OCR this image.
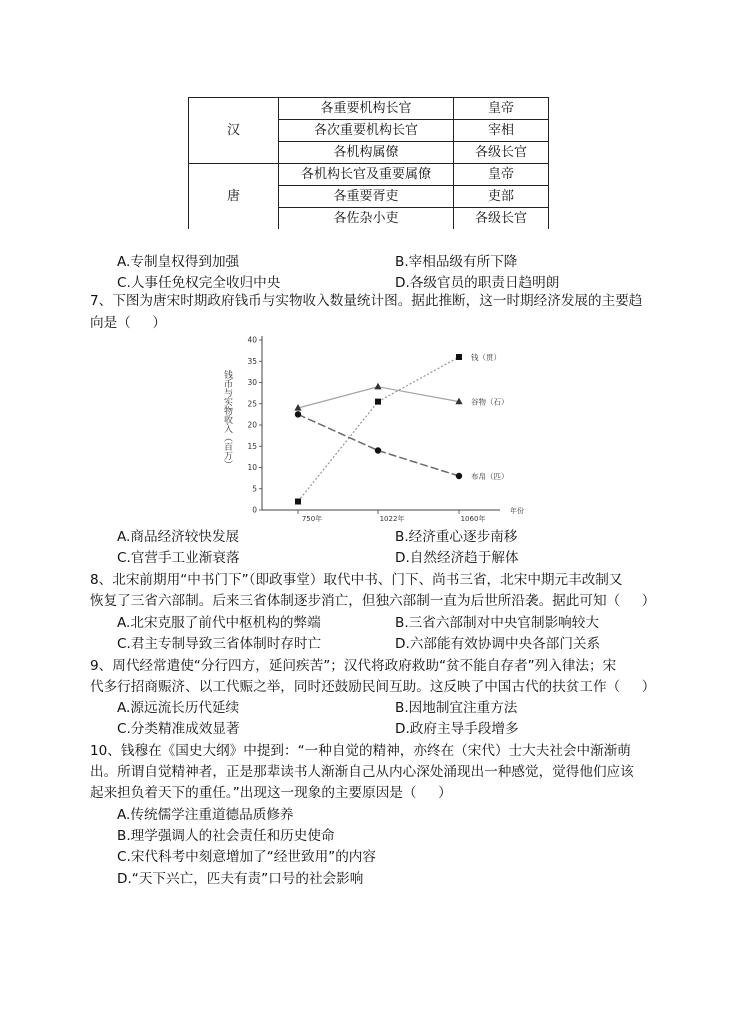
汉	各重要机构长官	皇帝
	各次重要机构长官	宰相
	各机构属僚	各级长官
唐	各机构长官及重要属僚	皇帝
	各重要胥吏	吏部
	各佐杂小吏	各级长官
A.专制皇权得到加强	B.宰相品级有所下降
C.人事任免权完全收归中央	D.各级官员的职责日趋明朗
7、下图为唐宋时期政府钱币与实物收入数量统计图。据此推断，这一时期经济发展的主要趋
向是（     ）
钱币与实物收入（百万）
0
5
10
15
20
25
30
35
40
750年	1022年	1060年
年份
钱（贯）
谷物（石）
布帛（匹）
A.商品经济较快发展	B.经济重心逐步南移
C.官营手工业渐衰落	D.自然经济趋于解体
8、北宋前期用“中书门下”（即政事堂）取代中书、门下、尚书三省，北宋中期元丰改制又
恢复了三省六部制。后来三省体制逐步消亡，但独六部制一直为后世所沿袭。据此可知（     ）
A.北宋克服了前代中枢机构的弊端	B.三省六部制对中央官制影响较大
C.君主专制导致三省体制时存时亡	D.六部能有效协调中央各部门关系
9、周代经常遣使“分行四方，延问疾苦”；汉代将政府救助“贫不能自存者”列入律法；宋
代多行招商赈济、以工代赈之举，同时还鼓励民间互助。这反映了中国古代的扶贫工作（     ）
A.源远流长历代延续	B.因地制宜注重方法
C.分类精准成效显著	D.政府主导手段增多
10、钱穆在《国史大纲》中提到：“一种自觉的精神，亦终在（宋代）士大夫社会中渐渐萌
出。所谓自觉精神者，正是那辈读书人渐渐自己从内心深处涌现出一种感觉，觉得他们应该
起来担负着天下的重任。”出现这一现象的主要原因是（     ）
A.传统儒学注重道德品质修养
B.理学强调人的社会责任和历史使命
C.宋代科考中刻意增加了“经世致用”的内容
D.“天下兴亡，匹夫有责”口号的社会影响
